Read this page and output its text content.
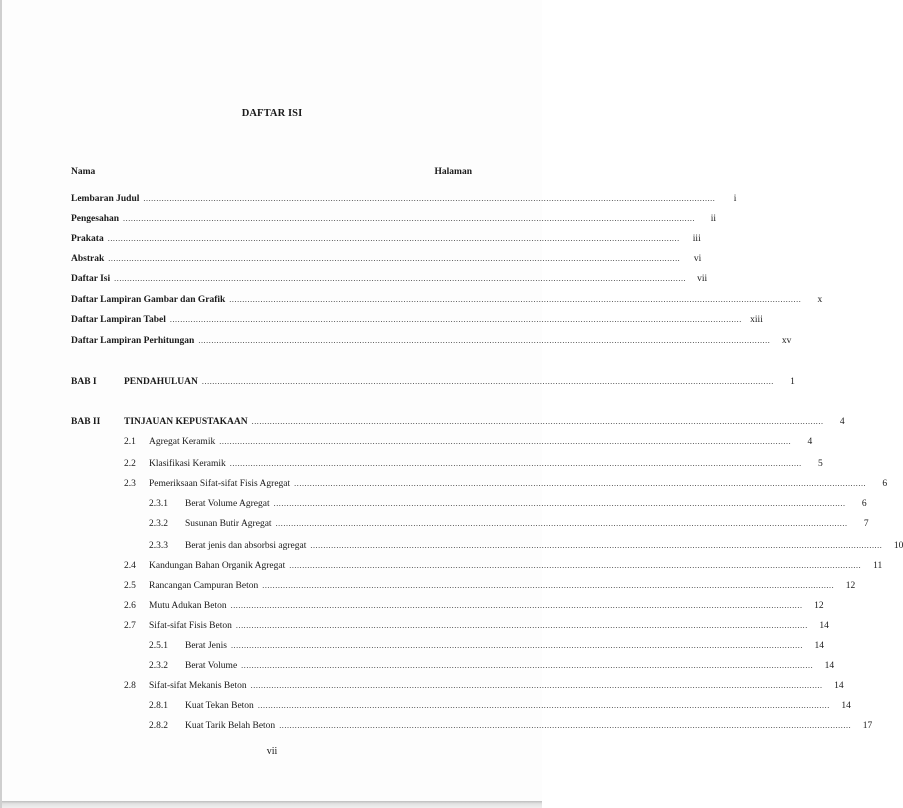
DAFTAR ISI
Nama	Halaman
Lembaran Judul ............................................................................................................................................................................................................................	i
Pengesahan ............................................................................................................................................................................................................................	ii
Prakata ............................................................................................................................................................................................................................	iii
Abstrak ............................................................................................................................................................................................................................	vi
Daftar Isi ............................................................................................................................................................................................................................	vii
Daftar Lampiran Gambar dan Grafik ............................................................................................................................................................................................................................	x
Daftar Lampiran Tabel ............................................................................................................................................................................................................................ xiii
Daftar Lampiran Perhitungan ............................................................................................................................................................................................................................	xv
BAB I	PENDAHULUAN ............................................................................................................................................................................................................................	1
BAB II TINJAUAN KEPUSTAKAAN ............................................................................................................................................................................................................................	4
2.1 Agregat Keramik ............................................................................................................................................................................................................................	4
2.2 Klasifikasi Keramik ............................................................................................................................................................................................................................	5
2.3 Pemeriksaan Sifat-sifat Fisis Agregat ............................................................................................................................................................................................................................	6
2.3.1 Berat Volume Agregat ............................................................................................................................................................................................................................	6
2.3.2 Susunan Butir Agregat ............................................................................................................................................................................................................................	7
2.3.3 Berat jenis dan absorbsi agregat ............................................................................................................................................................................................................................	10
2.4 Kandungan Bahan Organik Agregat ............................................................................................................................................................................................................................	11
2.5 Rancangan Campuran Beton ............................................................................................................................................................................................................................	12
2.6 Mutu Adukan Beton ............................................................................................................................................................................................................................	12
2.7 Sifat-sifat Fisis Beton ............................................................................................................................................................................................................................	14
2.5.1 Berat Jenis ............................................................................................................................................................................................................................	14
2.3.2 Berat Volume ............................................................................................................................................................................................................................	14
2.8 Sifat-sifat Mekanis Beton ............................................................................................................................................................................................................................	14
2.8.1 Kuat Tekan Beton ............................................................................................................................................................................................................................	14
2.8.2 Kuat Tarik Belah Beton ............................................................................................................................................................................................................................	17
vii
